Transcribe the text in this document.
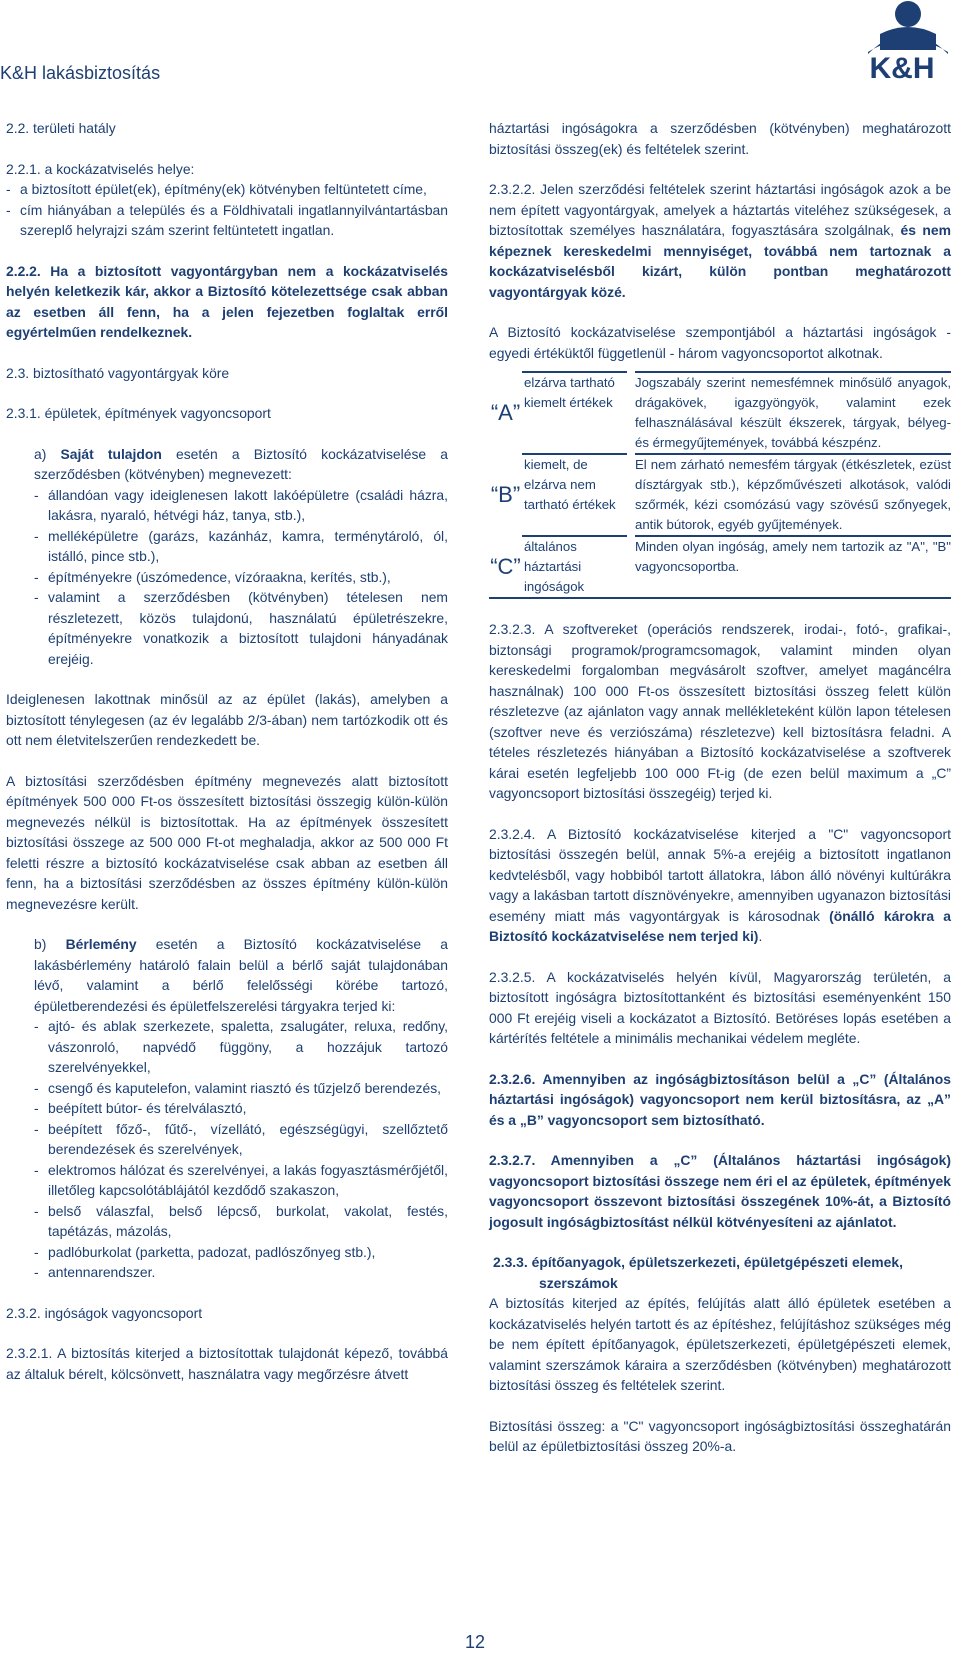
K&H lakásbiztosítás	K&H

2.2. területi hatály

2.2.1. a kockázatviselés helye:

- a biztosított épület(ek), építmény(ek) kötvényben feltüntetett címe,
- cím hiányában a település és a Földhivatali ingatlannyilvántartásban szereplő helyrajzi szám szerint feltüntetett ingatlan.

2.2.2. Ha a biztosított vagyontárgyban nem a kockázatviselés helyén keletkezik kár, akkor a Biztosító kötelezettsége csak abban az esetben áll fenn, ha a jelen fejezetben foglaltak erről egyértelműen rendelkeznek.

2.3. biztosítható vagyontárgyak köre

2.3.1. épületek, építmények vagyoncsoport

a) Saját tulajdon esetén a Biztosító kockázatviselése a szerződésben (kötvényben) megnevezett:

- állandóan vagy ideiglenesen lakott lakóépületre (családi házra, lakásra, nyaraló, hétvégi ház, tanya, stb.),
- melléképületre (garázs, kazánház, kamra, terménytároló, ól, istálló, pince stb.),
- építményekre (úszómedence, vízóraakna, kerítés, stb.),
- valamint a szerződésben (kötvényben) tételesen nem részletezett, közös tulajdonú, használatú épületrészekre, építményekre vonatkozik a biztosított tulajdoni hányadának erejéig.

Ideiglenesen lakottnak minősül az az épület (lakás), amelyben a biztosított ténylegesen (az év legalább 2/3-ában) nem tartózkodik ott és ott nem életvitelszerűen rendezkedett be.

A biztosítási szerződésben építmény megnevezés alatt biztosított építmények 500 000 Ft-os összesített biztosítási összegig külön-külön megnevezés nélkül is biztosítottak. Ha az építmények összesített biztosítási összege az 500 000 Ft-ot meghaladja, akkor az 500 000 Ft feletti részre a biztosító kockázatviselése csak abban az esetben áll fenn, ha a biztosítási szerződésben az összes építmény külön-külön megnevezésre került.

b) Bérlemény esetén a Biztosító kockázatviselése a lakásbérlemény határoló falain belül a bérlő saját tulajdonában lévő, valamint a bérlő felelősségi körébe tartozó, épületberendezési és épületfelszerelési tárgyakra terjed ki:

- ajtó- és ablak szerkezete, spaletta, zsalugáter, reluxa, redőny, vászonroló, napvédő függöny, a hozzájuk tartozó szerelvényekkel,
- csengő és kaputelefon, valamint riasztó és tűzjelző berendezés,
- beépített bútor- és térelválasztó,
- beépített főző-, fűtő-, vízellátó, egészségügyi, szellőztető berendezések és szerelvények,
- elektromos hálózat és szerelvényei, a lakás fogyasztásmérőjétől, illetőleg kapcsolótáblájától kezdődő szakaszon,
- belső válaszfal, belső lépcső, burkolat, vakolat, festés, tapétázás, mázolás,
- padlóburkolat (parketta, padozat, padlószőnyeg stb.),
- antennarendszer.

2.3.2. ingóságok vagyoncsoport

2.3.2.1. A biztosítás kiterjed a biztosítottak tulajdonát képező, továbbá az általuk bérelt, kölcsönvett, használatra vagy megőrzésre átvett

háztartási ingóságokra a szerződésben (kötvényben) meghatározott biztosítási összeg(ek) és feltételek szerint.

2.3.2.2. Jelen szerződési feltételek szerint háztartási ingóságok azok a be nem épített vagyontárgyak, amelyek a háztartás viteléhez szükségesek, a biztosítottak személyes használatára, fogyasztására szolgálnak, és nem képeznek kereskedelmi mennyiséget, továbbá nem tartoznak a kockázatviselésből kizárt, külön pontban meghatározott vagyontárgyak közé.

A Biztosító kockázatviselése szempontjából a háztartási ingóságok - egyedi értéküktől függetlenül - három vagyoncsoportot alkotnak.

“A”	elzárva tartható kiemelt értékek		Jogszabály szerint nemesfémnek minősülő anyagok, drágakövek, igazgyöngyök, valamint ezek felhasználásával készült ékszerek, tárgyak, bélyeg- és érmegyűjtemények, továbbá készpénz.
“B”	kiemelt, de elzárva nem tartható értékek		El nem zárható nemesfém tárgyak (étkészletek, ezüst dísztárgyak stb.), képzőművészeti alkotások, valódi szőrmék, kézi csomózású vagy szövésű szőnyegek, antik bútorok, egyéb gyűjtemények.
“C”	általános háztartási ingóságok		Minden olyan ingóság, amely nem tartozik az "A", "B" vagyoncsoportba.

2.3.2.3. A szoftvereket (operációs rendszerek, irodai-, fotó-, grafikai-, biztonsági programok/programcsomagok, valamint minden olyan kereskedelmi forgalomban megvásárolt szoftver, amelyet magáncélra használnak) 100 000 Ft-os összesített biztosítási összeg felett külön részletezve (az ajánlaton vagy annak mellékleteként külön lapon tételesen (szoftver neve és verziószáma) részletezve) kell biztosításra feladni. A tételes részletezés hiányában a Biztosító kockázatviselése a szoftverek kárai esetén legfeljebb 100 000 Ft-ig (de ezen belül maximum a „C” vagyoncsoport biztosítási összegéig) terjed ki.

2.3.2.4. A Biztosító kockázatviselése kiterjed a "C" vagyoncsoport biztosítási összegén belül, annak 5%-a erejéig a biztosított ingatlanon kedvtelésből, vagy hobbiból tartott állatokra, lábon álló növényi kultúrákra vagy a lakásban tartott dísznövényekre, amennyiben ugyanazon biztosítási esemény miatt más vagyontárgyak is károsodnak (önálló károkra a Biztosító kockázatviselése nem terjed ki).

2.3.2.5. A kockázatviselés helyén kívül, Magyarország területén, a biztosított ingóságra biztosítottanként és biztosítási eseményenként 150 000 Ft erejéig viseli a kockázatot a Biztosító. Betöréses lopás esetében a kártérítés feltétele a minimális mechanikai védelem megléte.

2.3.2.6. Amennyiben az ingóságbiztosításon belül a „C” (Általános háztartási ingóságok) vagyoncsoport nem kerül biztosításra, az „A” és a „B” vagyoncsoport sem biztosítható.

2.3.2.7. Amennyiben a „C” (Általános háztartási ingóságok) vagyoncsoport biztosítási összege nem éri el az épületek, építmények vagyoncsoport összevont biztosítási összegének 10%-át, a Biztosító jogosult ingóságbiztosítást nélkül kötvényesíteni az ajánlatot.

2.3.3. építőanyagok, épületszerkezeti, épületgépészeti elemek,
szerszámok

A biztosítás kiterjed az építés, felújítás alatt álló épületek esetében a kockázatviselés helyén tartott és az építéshez, felújításhoz szükséges még be nem épített építőanyagok, épületszerkezeti, épületgépészeti elemek, valamint szerszámok káraira a szerződésben (kötvényben) meghatározott biztosítási összeg és feltételek szerint.

Biztosítási összeg: a "C" vagyoncsoport ingóságbiztosítási összeghatárán belül az épületbiztosítási összeg 20%-a.

12
